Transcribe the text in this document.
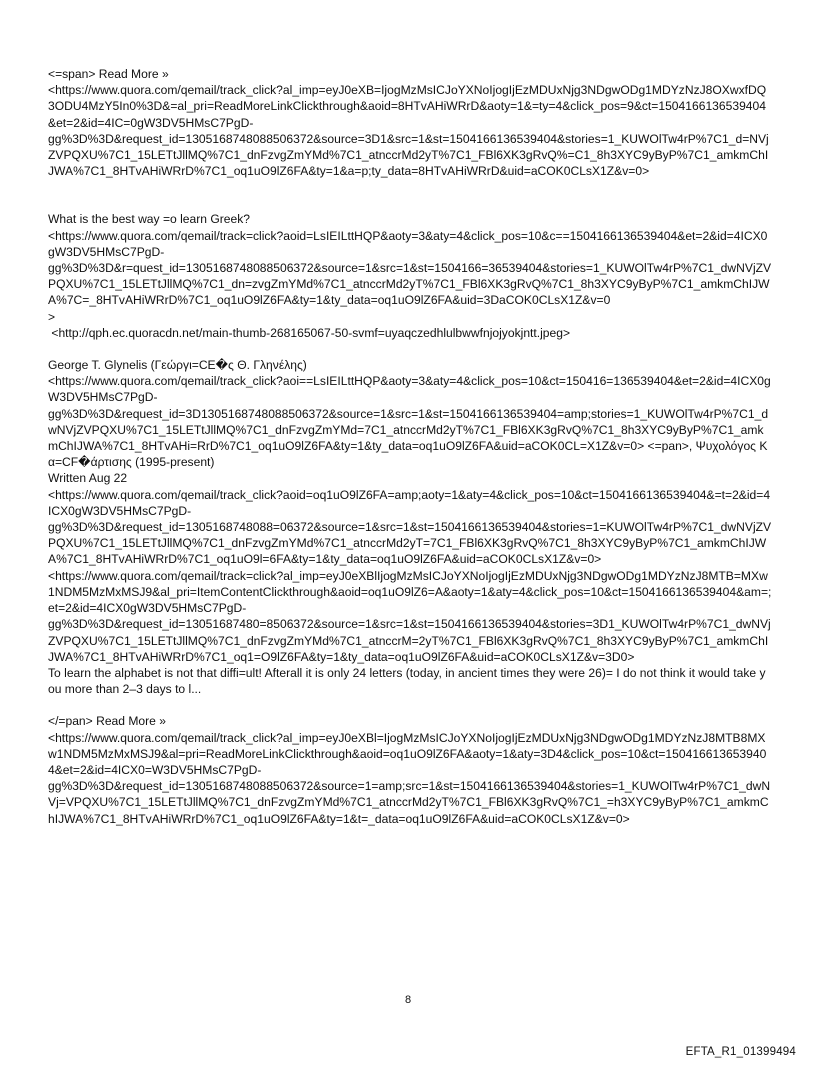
<=span> Read More »
<https://www.quora.com/qemail/track_click?al_imp=eyJ0eXB=IjogMzMsICJoYXNoIjogIjEzMDUxNjg3NDgwODg1MDYzNzJ8OXwxfDQ3ODU4MzY5In0%3D&=al_pri=ReadMoreLinkClickthrough&aoid=8HTvAHiWRrD&aoty=1&=ty=4&click_pos=9&ct=1504166136539404&et=2&id=4IC=0gW3DV5HMsC7PgD-
gg%3D%3D&request_id=1305168748088506372&source=3D1&src=1&st=1504166136539404&stories=1_KUWOlTw4rP%7C1_d=NVjZVPQXU%7C1_15LETtJllMQ%7C1_dnFzvgZmYMd%7C1_atnccrMd2yT%7C1_FBl6XK3gRvQ%=C1_8h3XYC9yByP%7C1_amkmChIJWA%7C1_8HTvAHiWRrD%7C1_oq1uO9lZ6FA&ty=1&a=p;ty_data=8HTvAHiWRrD&uid=aCOK0CLsX1Z&v=0>

What is the best way =o learn Greek?
<https://www.quora.com/qemail/track=click?aoid=LsIEILttHQP&aoty=3&aty=4&click_pos=10&c==1504166136539404&et=2&id=4ICX0gW3DV5HMsC7PgD-
gg%3D%3D&r=quest_id=1305168748088506372&source=1&src=1&st=1504166=36539404&stories=1_KUWOlTw4rP%7C1_dwNVjZVPQXU%7C1_15LETtJllMQ%7C1_dn=zvgZmYMd%7C1_atnccrMd2yT%7C1_FBl6XK3gRvQ%7C1_8h3XYC9yByP%7C1_amkmChIJWA%7C=_8HTvAHiWRrD%7C1_oq1uO9lZ6FA&ty=1&ty_data=oq1uO9lZ6FA&uid=3DaCOK0CLsX1Z&v=0
>
<http://qph.ec.quoracdn.net/main-thumb-268165067-50-svmf=uyaqczedhlulbwwfnjojyokjntt.jpeg>

George T. Glynelis (Γεώργι=CE�ς Θ. Γληνέλης)
<https://www.quora.com/qemail/track_click?aoi==LsIEILttHQP&aoty=3&aty=4&click_pos=10&ct=150416=136539404&et=2&id=4ICX0gW3DV5HMsC7PgD-
gg%3D%3D&request_id=3D1305168748088506372&source=1&src=1&st=1504166136539404=amp;stories=1_KUWOlTw4rP%7C1_dwNVjZVPQXU%7C1_15LETtJllMQ%7C1_dnFzvgZmYMd=7C1_atnccrMd2yT%7C1_FBl6XK3gRvQ%7C1_8h3XYC9yByP%7C1_amkmChIJWA%7C1_8HTvAHi=RrD%7C1_oq1uO9lZ6FA&ty=1&ty_data=oq1uO9lZ6FA&uid=aCOK0CL=X1Z&v=0> <=pan>, Ψυχολόγος Κα=CF�άρτισης (1995-present)
Written Aug 22
<https://www.quora.com/qemail/track_click?aoid=oq1uO9lZ6FA=amp;aoty=1&aty=4&click_pos=10&ct=1504166136539404&=t=2&id=4ICX0gW3DV5HMsC7PgD-
gg%3D%3D&request_id=1305168748088=06372&source=1&src=1&st=1504166136539404&stories=1=KUWOlTw4rP%7C1_dwNVjZVPQXU%7C1_15LETtJllMQ%7C1_dnFzvgZmYMd%7C1_atnccrMd2yT=7C1_FBl6XK3gRvQ%7C1_8h3XYC9yByP%7C1_amkmChIJWA%7C1_8HTvAHiWRrD%7C1_oq1uO9l=6FA&ty=1&ty_data=oq1uO9lZ6FA&uid=aCOK0CLsX1Z&v=0>
<https://www.quora.com/qemail/track=click?al_imp=eyJ0eXBlIjogMzMsICJoYXNoIjogIjEzMDUxNjg3NDgwODg1MDYzNzJ8MTB=MXw1NDM5MzMxMSJ9&al_pri=ItemContentClickthrough&aoid=oq1uO9lZ6=A&aoty=1&aty=4&click_pos=10&ct=1504166136539404&am=;et=2&id=4ICX0gW3DV5HMsC7PgD-
gg%3D%3D&request_id=13051687480=8506372&source=1&src=1&st=1504166136539404&stories=3D1_KUWOlTw4rP%7C1_dwNVjZVPQXU%7C1_15LETtJllMQ%7C1_dnFzvgZmYMd%7C1_atnccrM=2yT%7C1_FBl6XK3gRvQ%7C1_8h3XYC9yByP%7C1_amkmChIJWA%7C1_8HTvAHiWRrD%7C1_oq1=O9lZ6FA&ty=1&ty_data=oq1uO9lZ6FA&uid=aCOK0CLsX1Z&v=3D0>
To learn the alphabet is not that diffi=ult! Afterall it is only 24 letters (today, in ancient times they were 26)= I do not think it would take you more than 2–3 days to l...

</=pan> Read More »
<https://www.quora.com/qemail/track_click?al_imp=eyJ0eXBl=IjogMzMsICJoYXNoIjogIjEzMDUxNjg3NDgwODg1MDYzNzJ8MTB8MXw1NDM5MzMxMSJ9&al=pri=ReadMoreLinkClickthrough&aoid=oq1uO9lZ6FA&aoty=1&aty=3D4&click_pos=10&ct=1504166136539404&et=2&id=4ICX0=W3DV5HMsC7PgD-
gg%3D%3D&request_id=1305168748088506372&source=1=amp;src=1&st=1504166136539404&stories=1_KUWOlTw4rP%7C1_dwNVj=VPQXU%7C1_15LETtJllMQ%7C1_dnFzvgZmYMd%7C1_atnccrMd2yT%7C1_FBl6XK3gRvQ%7C1_=h3XYC9yByP%7C1_amkmChIJWA%7C1_8HTvAHiWRrD%7C1_oq1uO9lZ6FA&ty=1&t=_data=oq1uO9lZ6FA&uid=aCOK0CLsX1Z&v=0>

8
EFTA_R1_01399494
